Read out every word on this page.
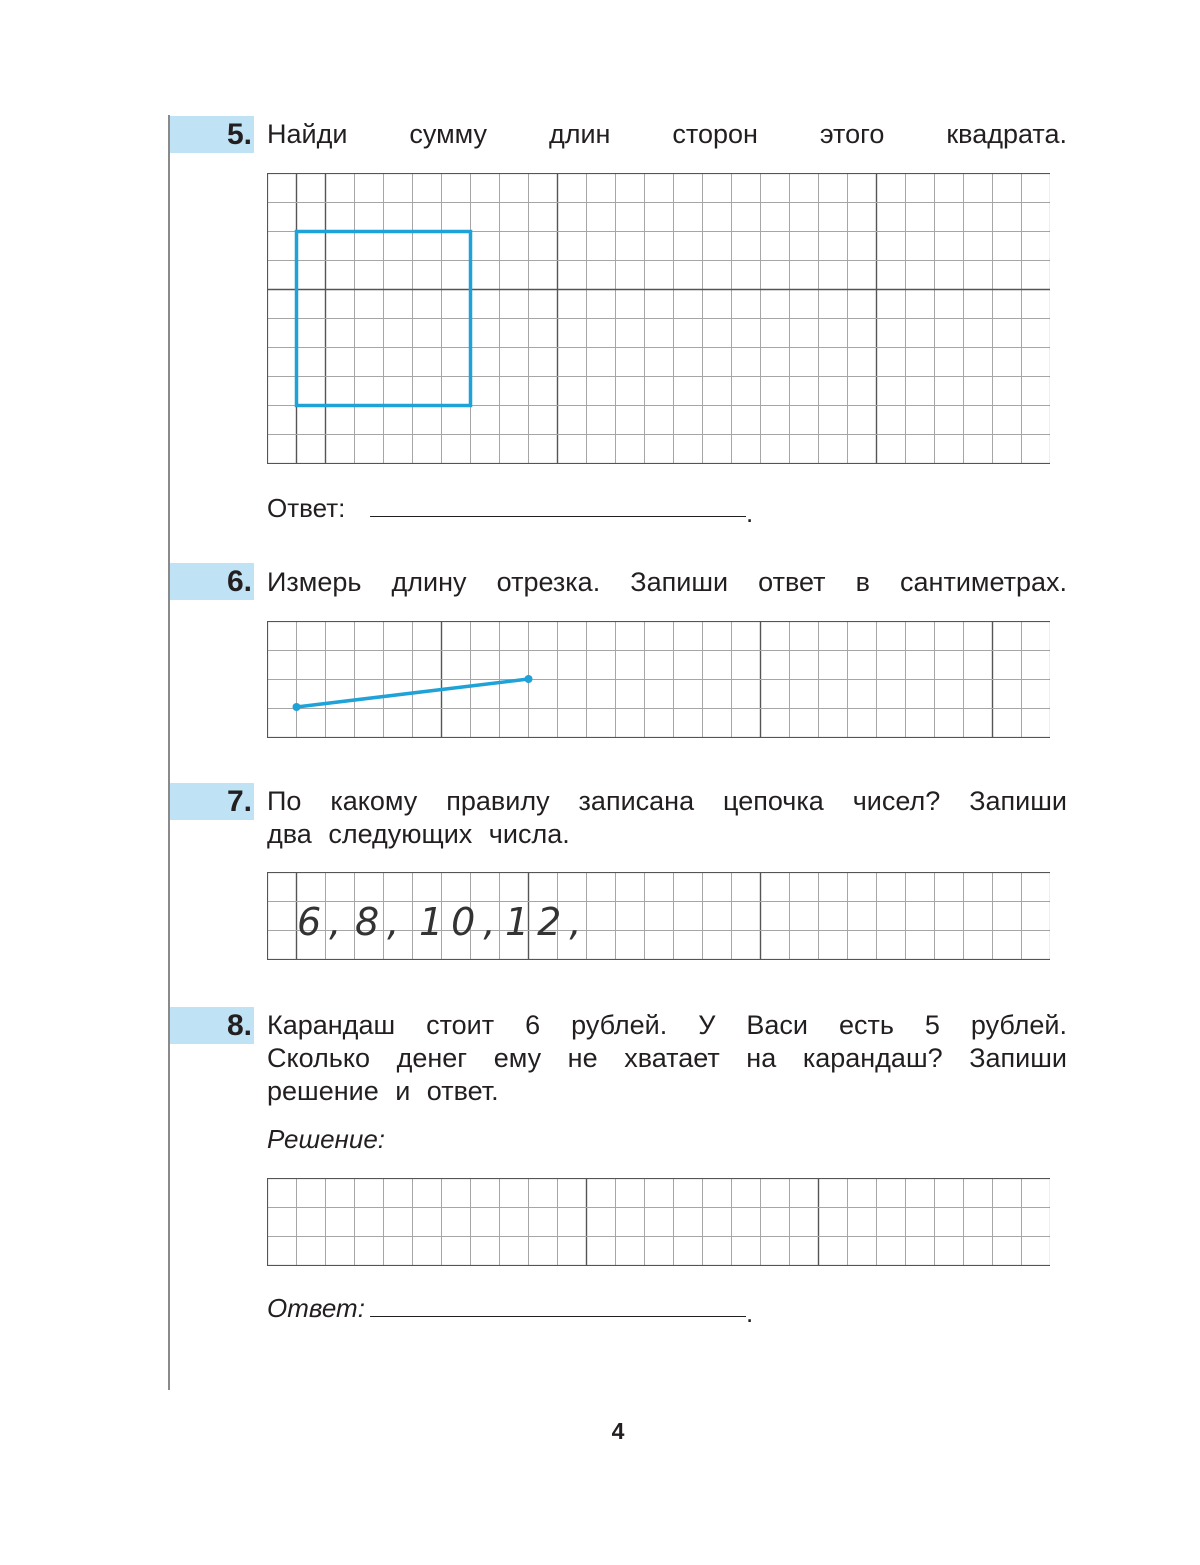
5. Найди сумму длин сторон этого квадрата.
Ответ:	.
6. Измерь длину отрезка. Запиши ответ в сантиметрах.
7. По какому правилу записана цепочка чисел? Запиши
два следующих числа.
6, 8, 10, 12,
8. Карандаш стоит 6 рублей. У Васи есть 5 рублей.
Сколько денег ему не хватает на карандаш? Запиши
решение и ответ.
Решение:
Ответ:	.
4
